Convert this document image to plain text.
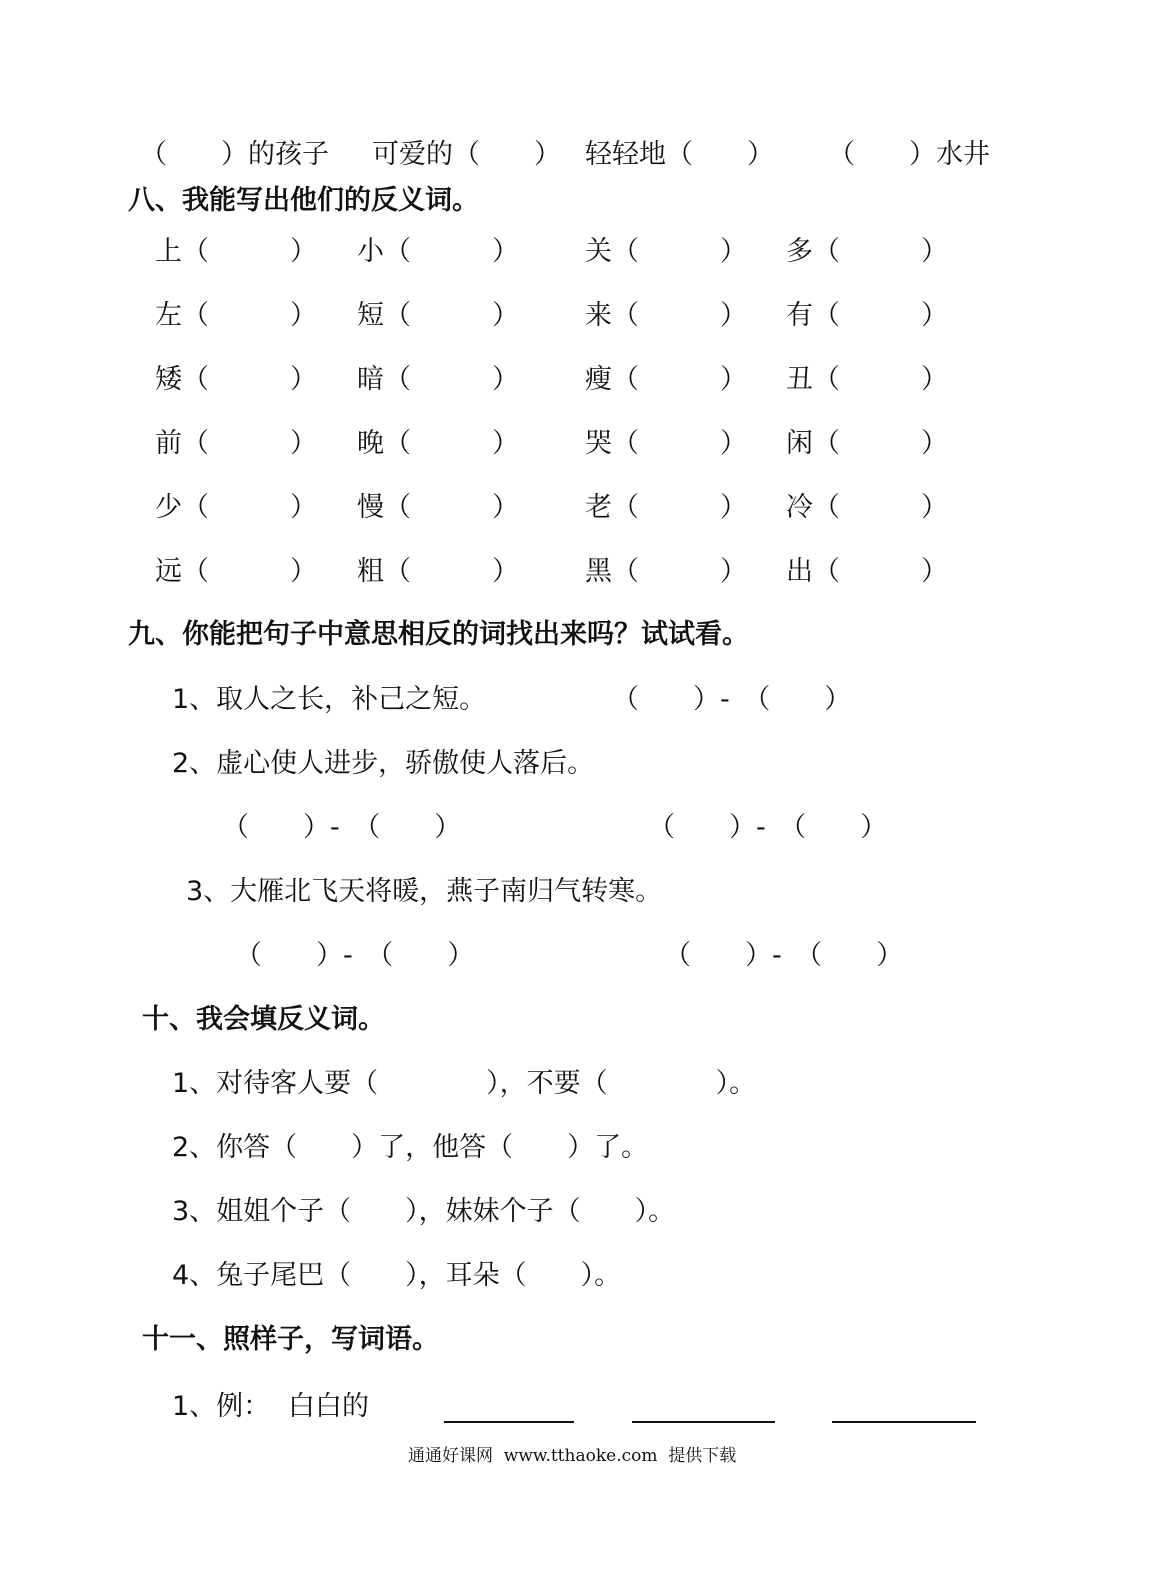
（　　）的孩子 可爱的（　　） 轻轻地（　　） （　　）水井
八、我能写出他们的反义词。
上（　　　） 小（　　　） 关（　　　） 多（　　　）
左（　　　） 短（　　　） 来（　　　） 有（　　　）
矮（　　　） 暗（　　　） 瘦（　　　） 丑（　　　）
前（　　　） 晚（　　　） 哭（　　　） 闲（　　　）
少（　　　） 慢（　　　） 老（　　　） 冷（　　　）
远（　　　） 粗（　　　） 黑（　　　） 出（　　　）
九、你能把句子中意思相反的词找出来吗？试试看。
1、取人之长，补己之短。	（　　）-　（　　）
2、虚心使人进步，骄傲使人落后。
（　　）-　（　　）	（　　）-　（　　）
3、大雁北飞天将暖，燕子南归气转寒。
（　　）-　（　　）	（　　）-　（　　）
十、我会填反义词。
1、对待客人要（　　　　），不要（　　　　）。
2、你答（　　）了，他答（　　）了。
3、姐姐个子（　　），妹妹个子（　　）。
4、兔子尾巴（　　），耳朵（　　）。
十一、照样子，写词语。
1、例： 白白的
通通好课网  www.tthaoke.com  提供下载
